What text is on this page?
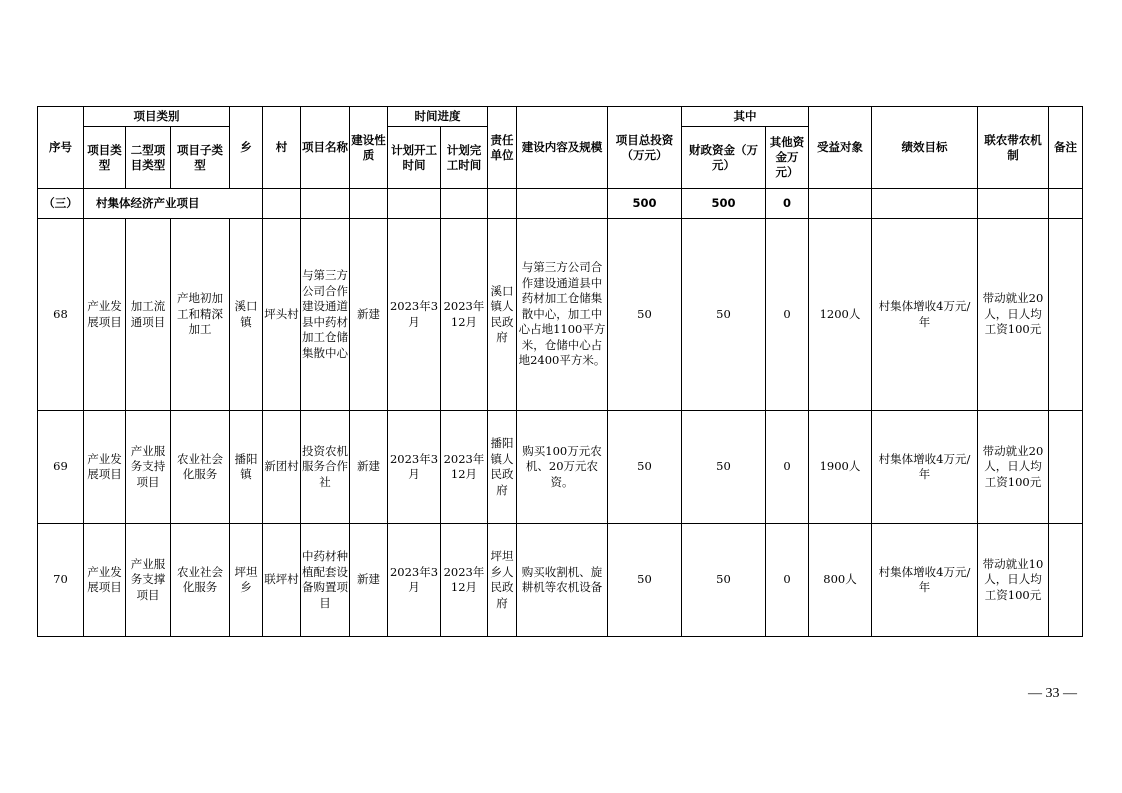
序号	项目类别			乡	村	项目名称	建设性质	时间进度		责任单位	建设内容及规模	项目总投资（万元）	其中		受益对象	绩效目标	联农带农机制	备注
	项目类型	二型项目类型	项目子类型					计划开工时间	计划完工时间				财政资金（万元）	其他资金万元）				
（三）	村集体经济产业项目											500	500	0				
68	产业发展项目	加工流通项目	产地初加工和精深加工	溪口镇	坪头村	与第三方公司合作建设通道县中药材加工仓储集散中心	新建	2023年3月	2023年12月	溪口镇人民政府	与第三方公司合作建设通道县中药材加工仓储集散中心，加工中心占地1100平方米，仓储中心占地2400平方米。	50	50	0	1200人	村集体增收4万元/年	带动就业20人，日人均工资100元	
69	产业发展项目	产业服务支持项目	农业社会化服务	播阳镇	新团村	投资农机服务合作社	新建	2023年3月	2023年12月	播阳镇人民政府	购买100万元农机、20万元农资。	50	50	0	1900人	村集体增收4万元/年	带动就业20人，日人均工资100元	
70	产业发展项目	产业服务支撑项目	农业社会化服务	坪坦乡	联坪村	中药材种植配套设备购置项目	新建	2023年3月	2023年12月	坪坦乡人民政府	购买收割机、旋耕机等农机设备	50	50	0	800人	村集体增收4万元/年	带动就业10人，日人均工资100元	
— 33 —
